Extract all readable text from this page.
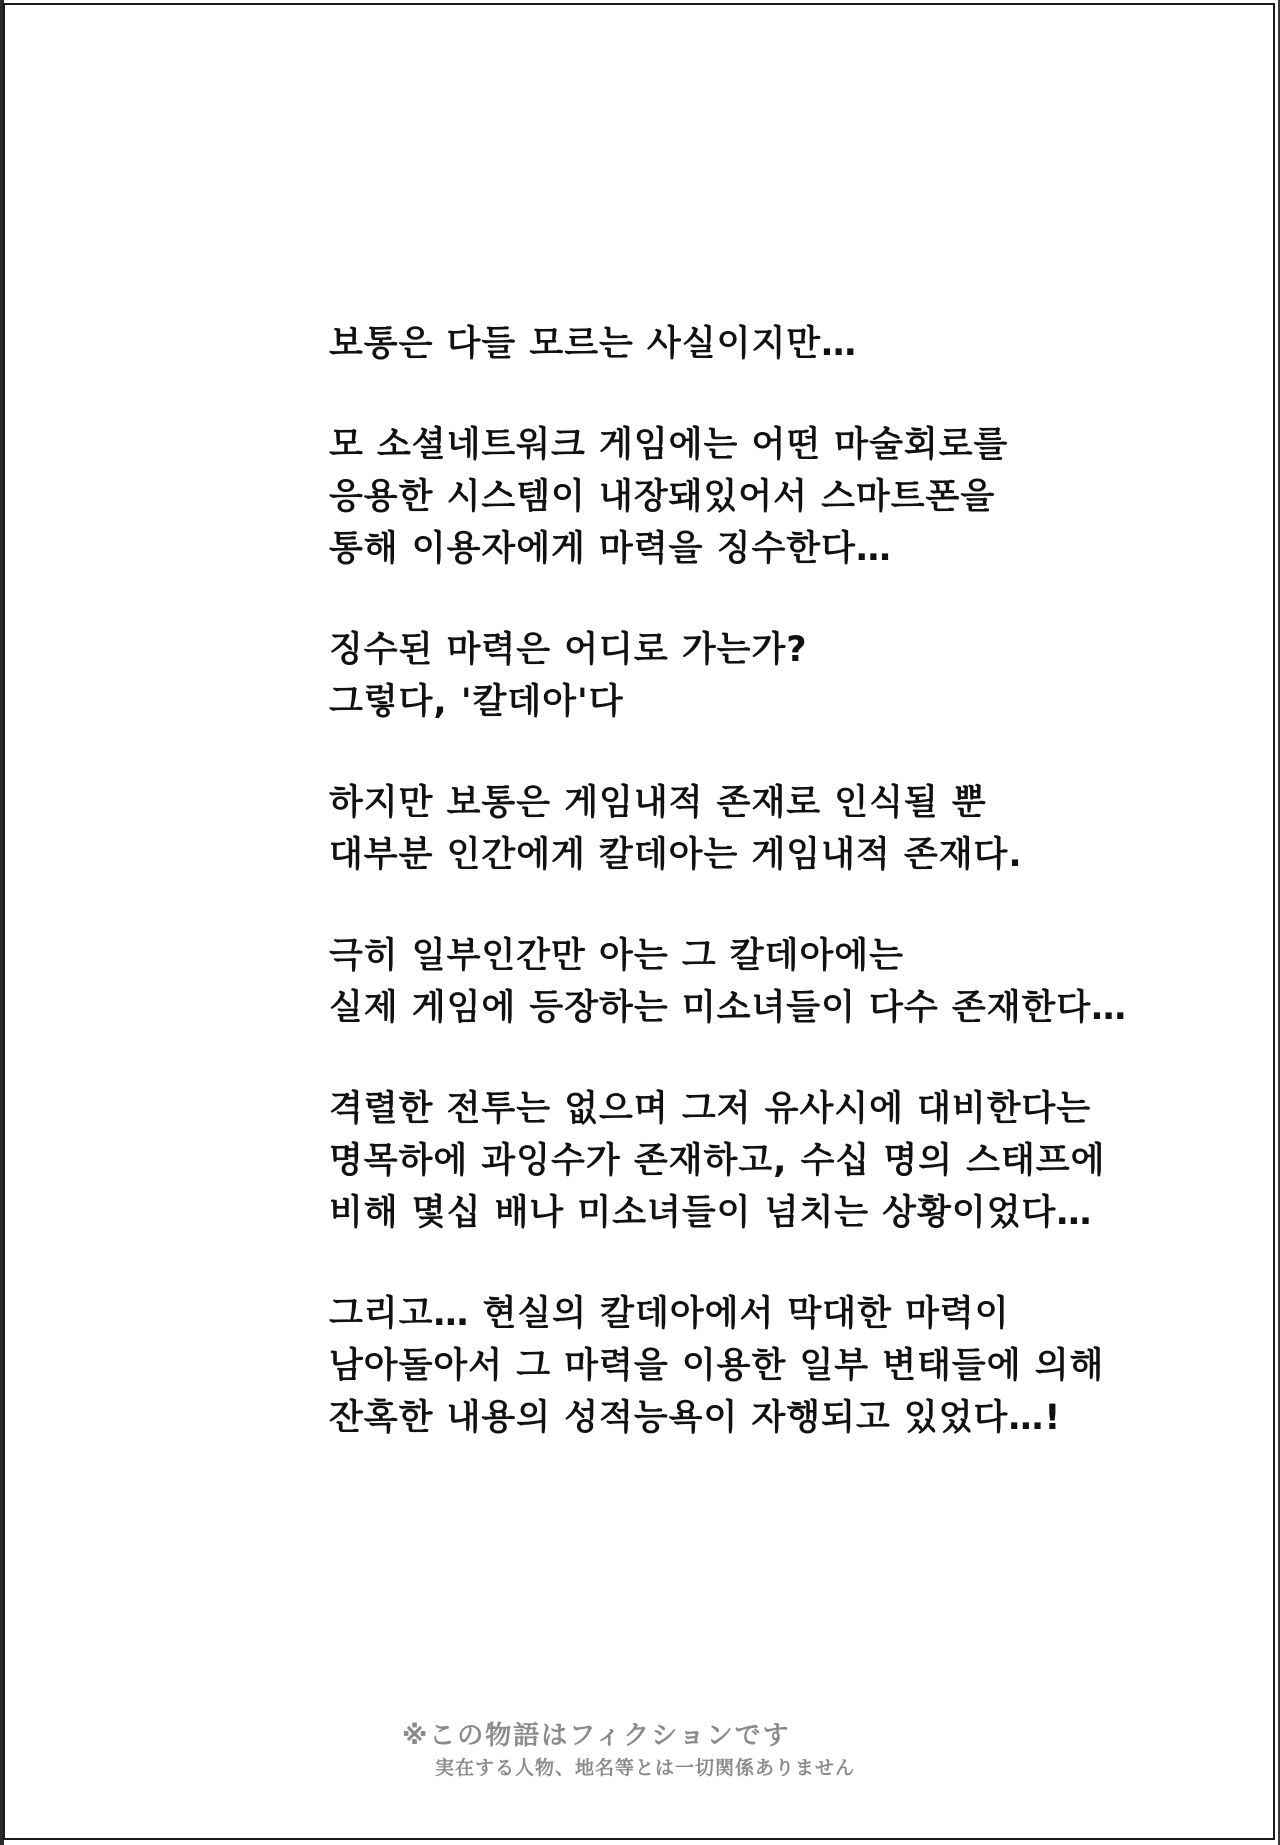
보통은 다들 모르는 사실이지만…
모 소셜네트워크 게임에는 어떤 마술회로를
응용한 시스템이 내장돼있어서 스마트폰을
통해 이용자에게 마력을 징수한다…
징수된 마력은 어디로 가는가?
그렇다, '칼데아'다
하지만 보통은 게임내적 존재로 인식될 뿐
대부분 인간에게 칼데아는 게임내적 존재다.
극히 일부인간만 아는 그 칼데아에는
실제 게임에 등장하는 미소녀들이 다수 존재한다…
격렬한 전투는 없으며 그저 유사시에 대비한다는
명목하에 과잉수가 존재하고, 수십 명의 스태프에
비해 몇십 배나 미소녀들이 넘치는 상황이었다…
그리고… 현실의 칼데아에서 막대한 마력이
남아돌아서 그 마력을 이용한 일부 변태들에 의해
잔혹한 내용의 성적능욕이 자행되고 있었다…!
※この物語はフィクションです
実在する人物、地名等とは一切関係ありません
